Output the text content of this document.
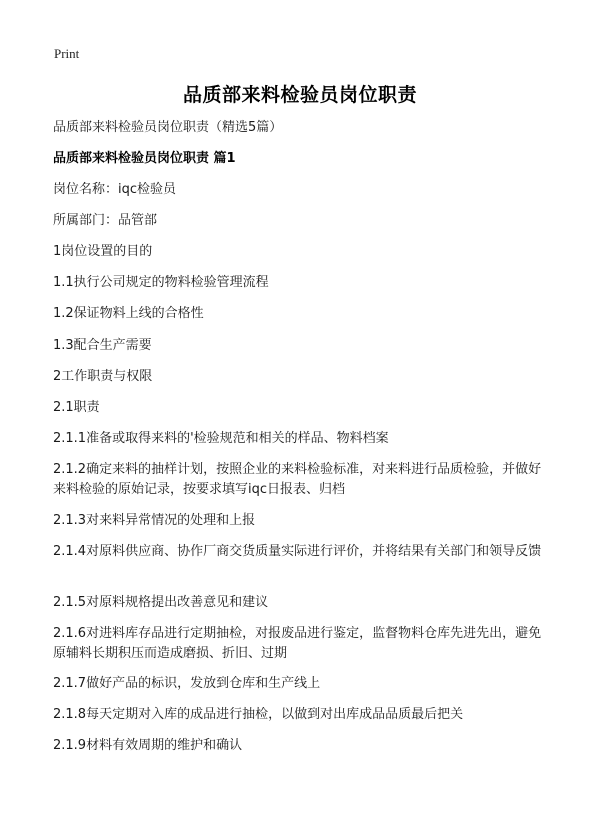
Print
品质部来料检验员岗位职责
品质部来料检验员岗位职责（精选5篇）
品质部来料检验员岗位职责 篇1
岗位名称：iqc检验员
所属部门：品管部
1岗位设置的目的
1.1执行公司规定的物料检验管理流程
1.2保证物料上线的合格性
1.3配合生产需要
2工作职责与权限
2.1职责
2.1.1准备或取得来料的'检验规范和相关的样品、物料档案
2.1.2确定来料的抽样计划，按照企业的来料检验标准，对来料进行品质检验，并做好来料检验的原始记录，按要求填写iqc日报表、归档
2.1.3对来料异常情况的处理和上报
2.1.4对原料供应商、协作厂商交货质量实际进行评价，并将结果有关部门和领导反馈
2.1.5对原料规格提出改善意见和建议
2.1.6对进料库存品进行定期抽检，对报废品进行鉴定，监督物料仓库先进先出，避免原辅料长期积压而造成磨损、折旧、过期
2.1.7做好产品的标识，发放到仓库和生产线上
2.1.8每天定期对入库的成品进行抽检，以做到对出库成品品质最后把关
2.1.9材料有效周期的维护和确认
